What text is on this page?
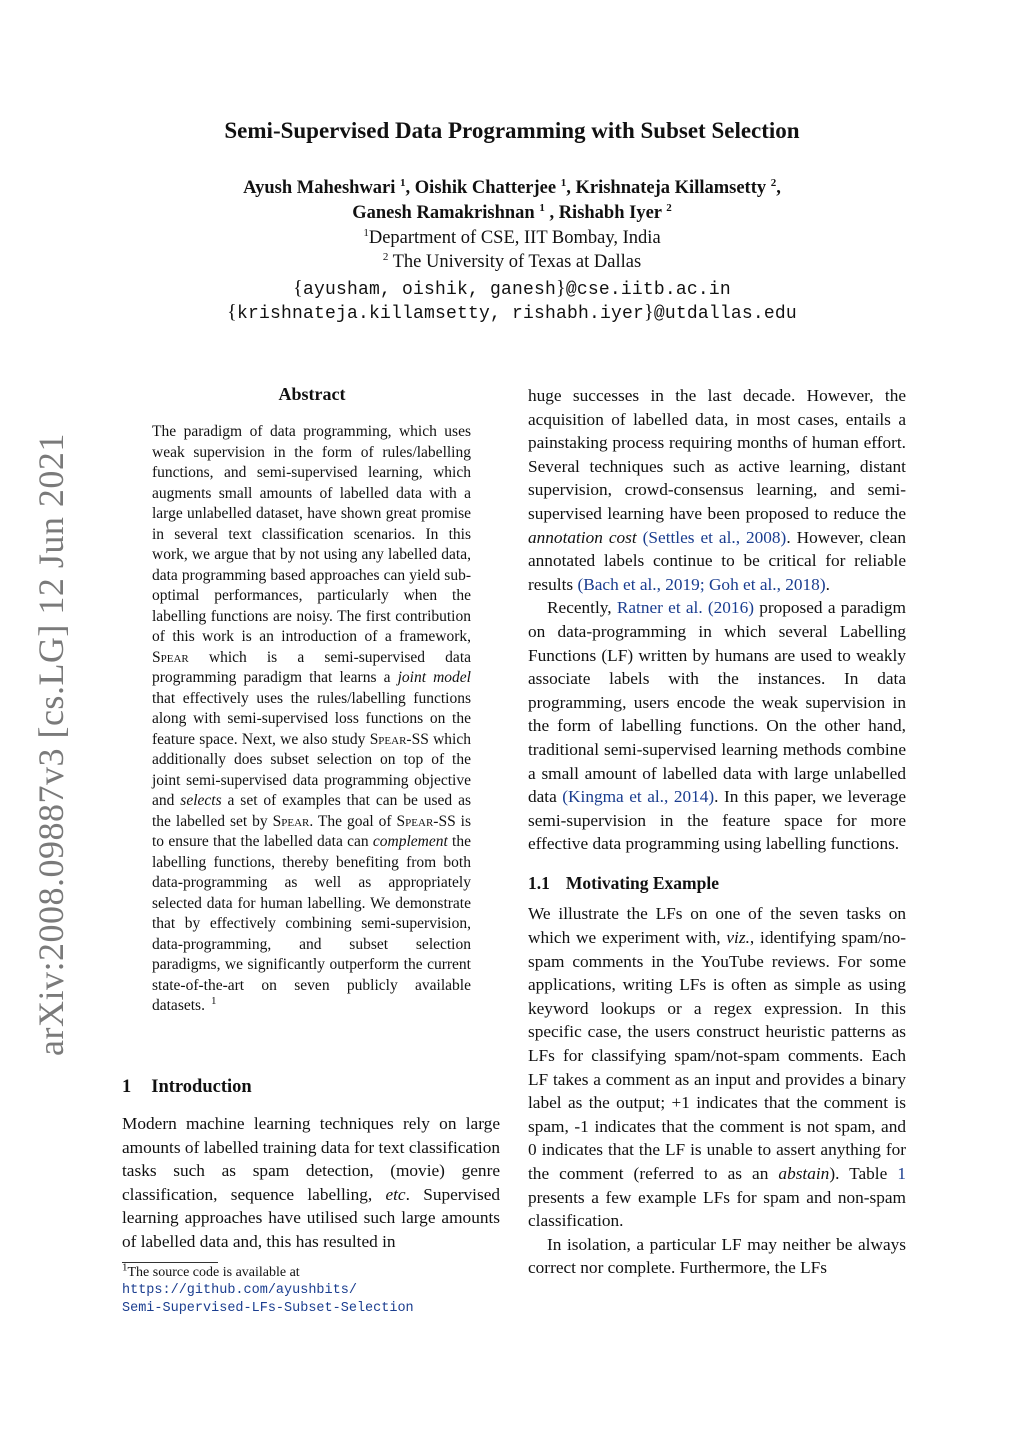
arXiv:2008.09887v3 [cs.LG] 12 Jun 2021
Semi-Supervised Data Programming with Subset Selection
Ayush Maheshwari $^1$, Oishik Chatterjee $^1$, Krishnateja Killamsetty $^2$,
Ganesh Ramakrishnan $^1$ , Rishabh Iyer $^2$
$^1$Department of CSE, IIT Bombay, India
$^2$ The University of Texas at Dallas
{ayusham, oishik, ganesh}@cse.iitb.ac.in
{krishnateja.killamsetty, rishabh.iyer}@utdallas.edu
Abstract

The paradigm of data programming, which uses weak supervision in the form of rules/labelling functions, and semi-supervised learning, which augments small amounts of labelled data with a large unlabelled dataset, have shown great promise in several text classification scenarios. In this work, we argue that by not using any labelled data, data programming based approaches can yield sub-optimal performances, particularly when the labelling functions are noisy. The first contribution of this work is an introduction of a framework, Spear which is a semi-supervised data programming paradigm that learns a joint model that effectively uses the rules/labelling functions along with semi-supervised loss functions on the feature space. Next, we also study Spear-SS which additionally does subset selection on top of the joint semi-supervised data programming objective and selects a set of examples that can be used as the labelled set by Spear. The goal of Spear-SS is to ensure that the labelled data can complement the labelling functions, thereby benefiting from both data-programming as well as appropriately selected data for human labelling. We demonstrate that by effectively combining semi-supervision, data-programming, and subset selection paradigms, we significantly outperform the current state-of-the-art on seven publicly available datasets. $^1$

1 Introduction
Modern machine learning techniques rely on large amounts of labelled training data for text classification tasks such as spam detection, (movie) genre classification, sequence labelling, etc. Supervised learning approaches have utilised such large amounts of labelled data and, this has resulted in
$^1$The source code is available at
https://github.com/ayushbits/
Semi-Supervised-LFs-Subset-Selection

huge successes in the last decade. However, the acquisition of labelled data, in most cases, entails a painstaking process requiring months of human effort. Several techniques such as active learning, distant supervision, crowd-consensus learning, and semi-supervised learning have been proposed to reduce the annotation cost (Settles et al., 2008). However, clean annotated labels continue to be critical for reliable results (Bach et al., 2019; Goh et al., 2018).

Recently, Ratner et al. (2016) proposed a paradigm on data-programming in which several Labelling Functions (LF) written by humans are used to weakly associate labels with the instances. In data programming, users encode the weak supervision in the form of labelling functions. On the other hand, traditional semi-supervised learning methods combine a small amount of labelled data with large unlabelled data (Kingma et al., 2014). In this paper, we leverage semi-supervision in the feature space for more effective data programming using labelling functions.

1.1 Motivating Example

We illustrate the LFs on one of the seven tasks on which we experiment with, viz., identifying spam/no-spam comments in the YouTube reviews. For some applications, writing LFs is often as simple as using keyword lookups or a regex expression. In this specific case, the users construct heuristic patterns as LFs for classifying spam/not-spam comments. Each LF takes a comment as an input and provides a binary label as the output; +1 indicates that the comment is spam, -1 indicates that the comment is not spam, and 0 indicates that the LF is unable to assert anything for the comment (referred to as an abstain). Table 1 presents a few example LFs for spam and non-spam classification.

In isolation, a particular LF may neither be always correct nor complete. Furthermore, the LFs
